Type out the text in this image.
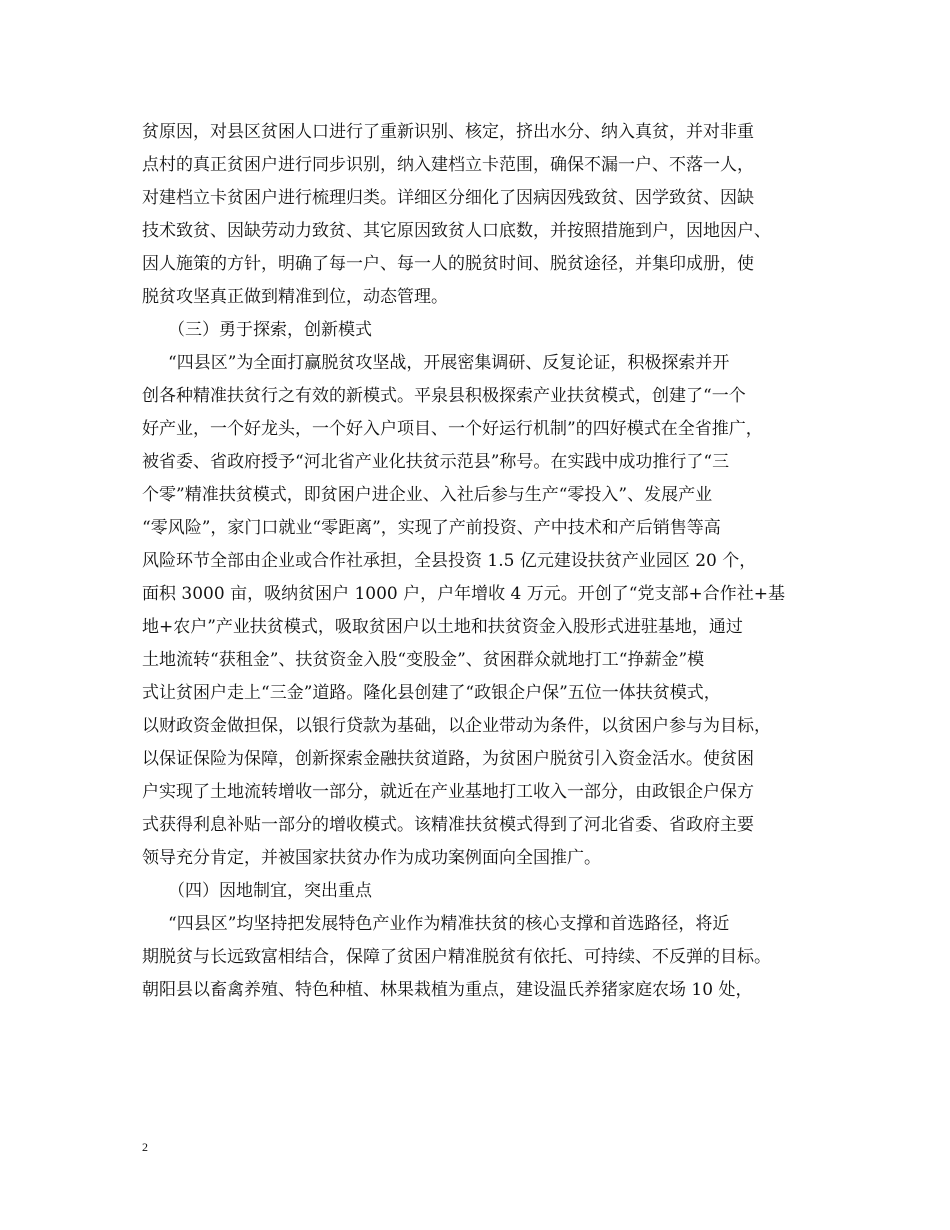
贫原因，对县区贫困人口进行了重新识别、核定，挤出水分、纳入真贫，并对非重
点村的真正贫困户进行同步识别，纳入建档立卡范围，确保不漏一户、不落一人，
对建档立卡贫困户进行梳理归类。详细区分细化了因病因残致贫、因学致贫、因缺
技术致贫、因缺劳动力致贫、其它原因致贫人口底数，并按照措施到户，因地因户、
因人施策的方针，明确了每一户、每一人的脱贫时间、脱贫途径，并集印成册，使
脱贫攻坚真正做到精准到位，动态管理。
（三）勇于探索，创新模式
“四县区”为全面打赢脱贫攻坚战，开展密集调研、反复论证，积极探索并开
创各种精准扶贫行之有效的新模式。平泉县积极探索产业扶贫模式，创建了“一个
好产业，一个好龙头，一个好入户项目、一个好运行机制”的四好模式在全省推广，
被省委、省政府授予“河北省产业化扶贫示范县”称号。在实践中成功推行了“三
个零”精准扶贫模式，即贫困户进企业、入社后参与生产“零投入”、发展产业
“零风险”，家门口就业“零距离”，实现了产前投资、产中技术和产后销售等高
风险环节全部由企业或合作社承担，全县投资 1.5 亿元建设扶贫产业园区 20 个，
面积 3000 亩，吸纳贫困户 1000 户，户年增收 4 万元。开创了“党支部+合作社+基
地+农户”产业扶贫模式，吸取贫困户以土地和扶贫资金入股形式进驻基地，通过
土地流转“获租金”、扶贫资金入股“变股金”、贫困群众就地打工“挣薪金”模
式让贫困户走上“三金”道路。隆化县创建了“政银企户保”五位一体扶贫模式，
以财政资金做担保，以银行贷款为基础，以企业带动为条件，以贫困户参与为目标，
以保证保险为保障，创新探索金融扶贫道路，为贫困户脱贫引入资金活水。使贫困
户实现了土地流转增收一部分，就近在产业基地打工收入一部分，由政银企户保方
式获得利息补贴一部分的增收模式。该精准扶贫模式得到了河北省委、省政府主要
领导充分肯定，并被国家扶贫办作为成功案例面向全国推广。
（四）因地制宜，突出重点
“四县区”均坚持把发展特色产业作为精准扶贫的核心支撑和首选路径，将近
期脱贫与长远致富相结合，保障了贫困户精准脱贫有依托、可持续、不反弹的目标。
朝阳县以畜禽养殖、特色种植、林果栽植为重点，建设温氏养猪家庭农场 10 处，
2
